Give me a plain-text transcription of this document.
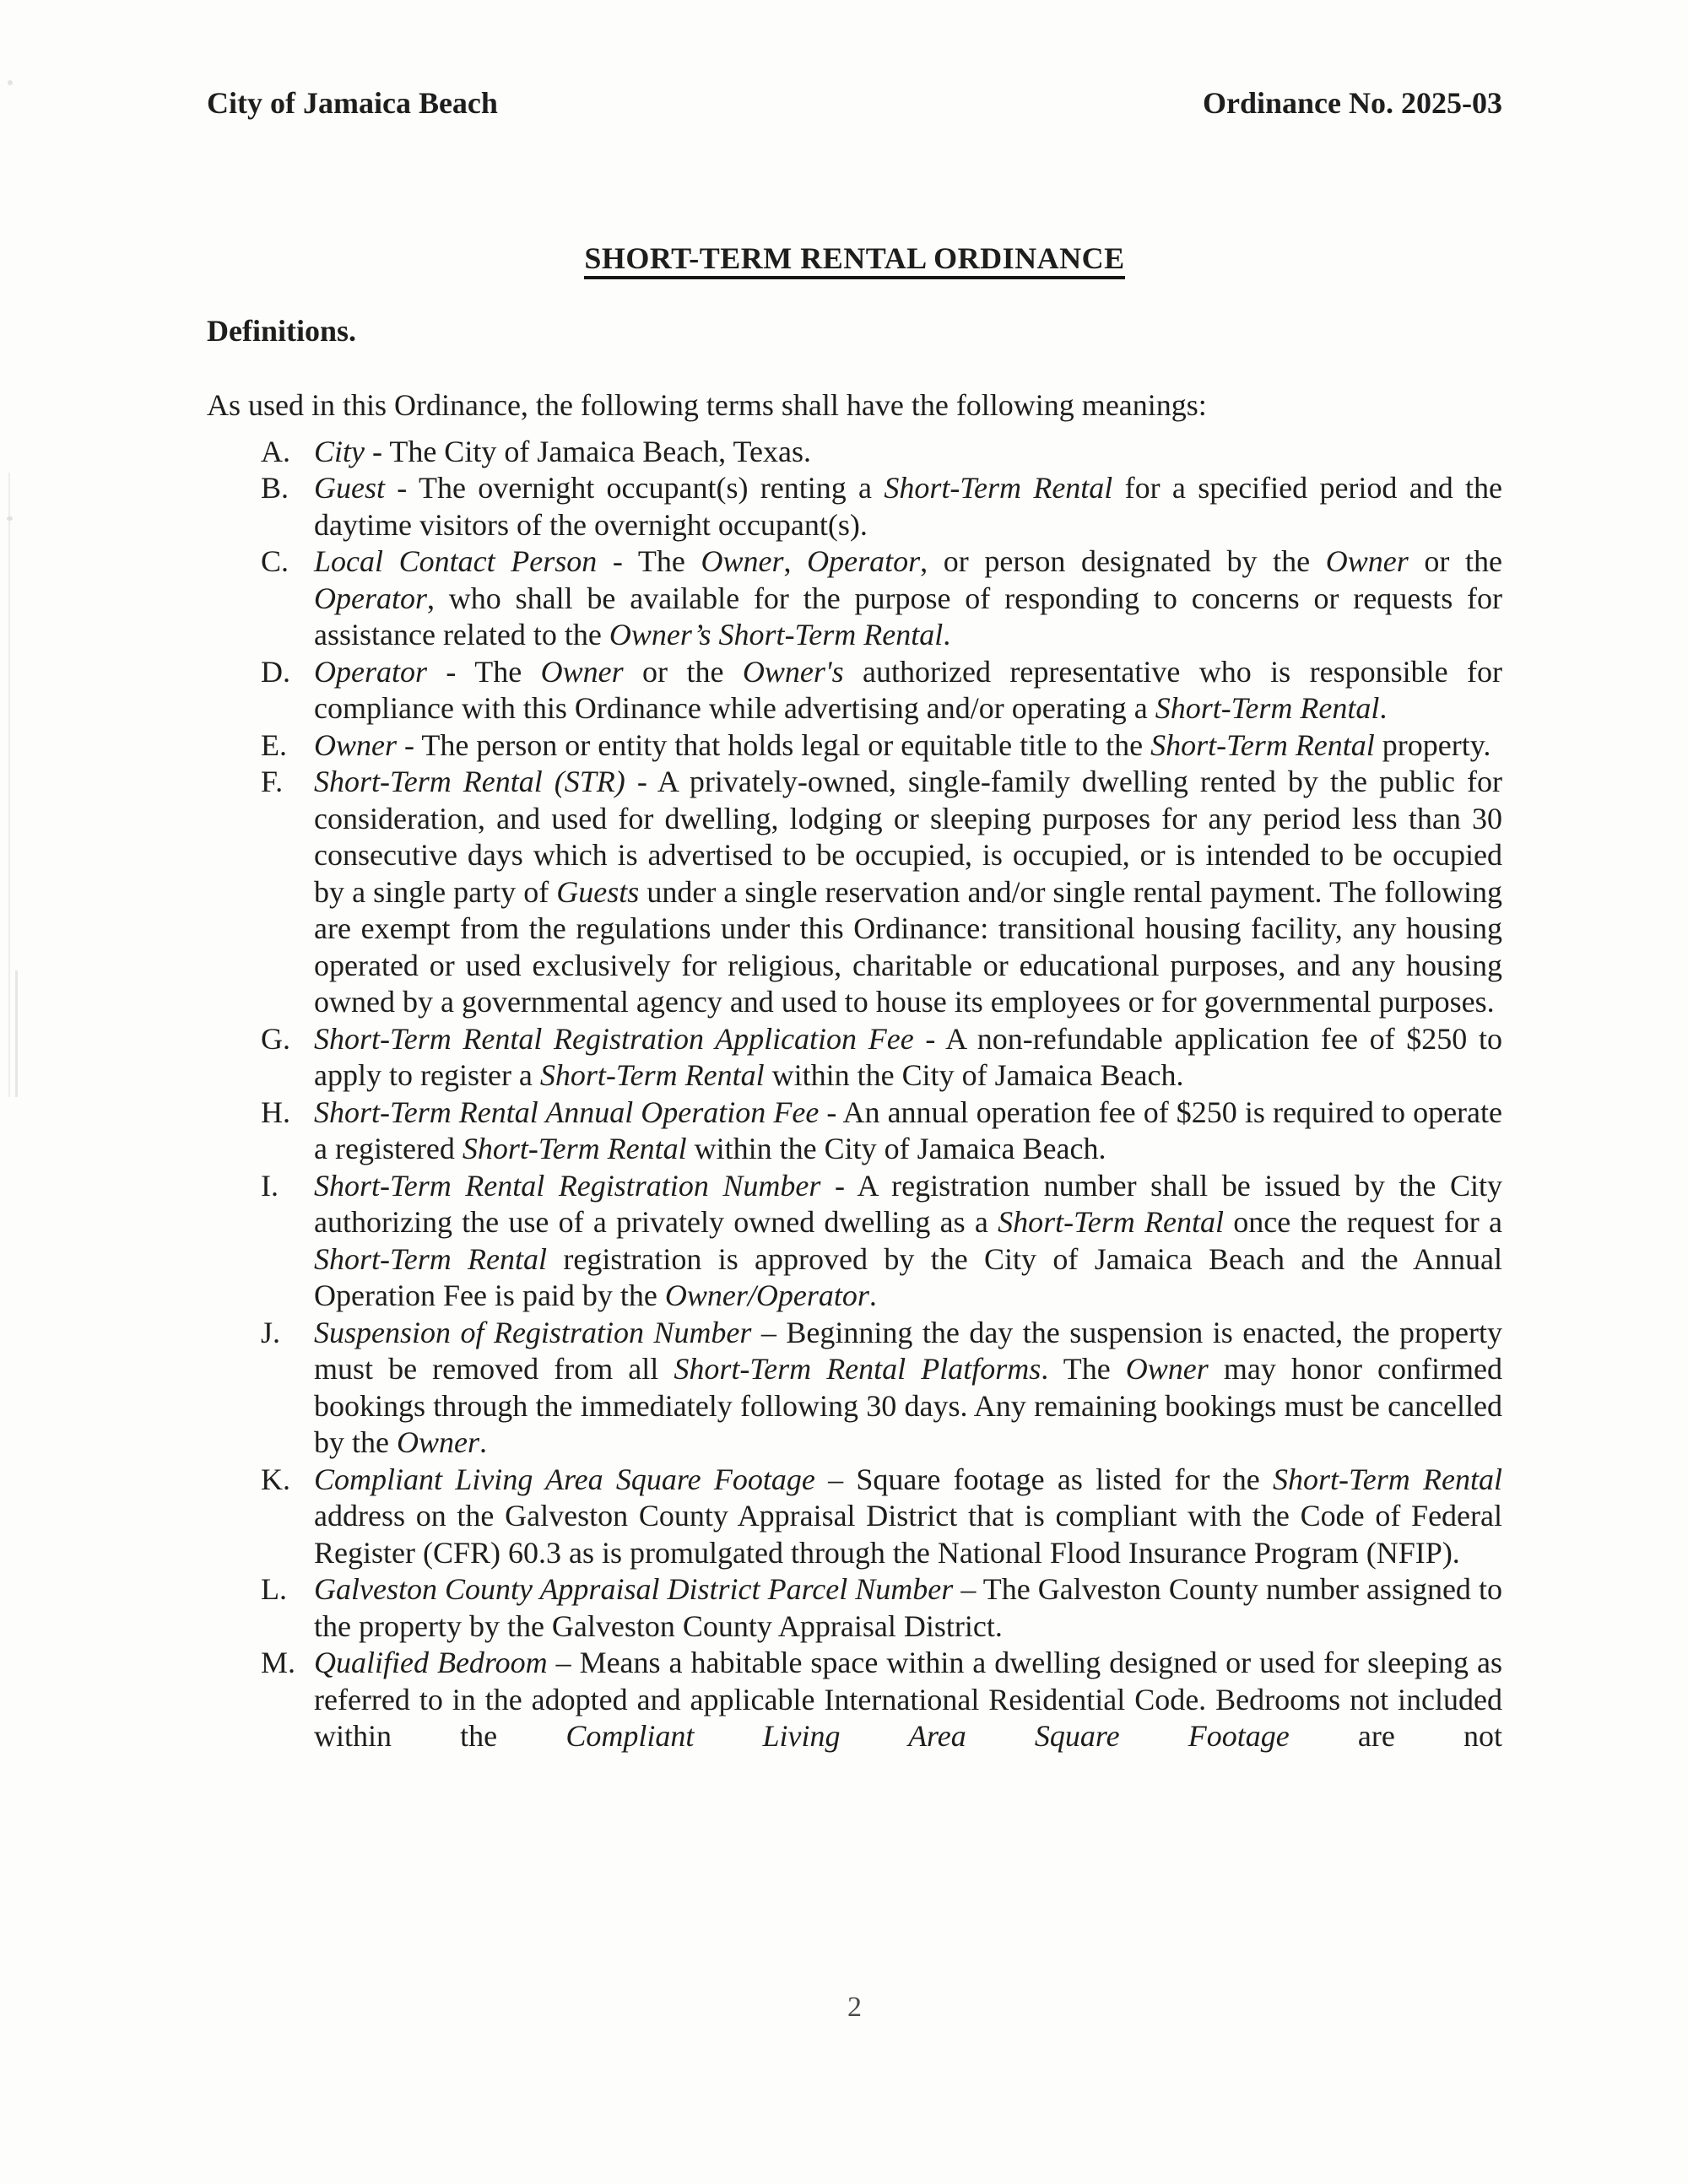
City of Jamaica Beach	Ordinance No. 2025-03
SHORT-TERM RENTAL ORDINANCE
Definitions.
As used in this Ordinance, the following terms shall have the following meanings:
A. City - The City of Jamaica Beach, Texas.
B. Guest - The overnight occupant(s) renting a Short-Term Rental for a specified period and the daytime visitors of the overnight occupant(s).
C. Local Contact Person - The Owner, Operator, or person designated by the Owner or the Operator, who shall be available for the purpose of responding to concerns or requests for assistance related to the Owner’s Short-Term Rental.
D. Operator - The Owner or the Owner's authorized representative who is responsible for compliance with this Ordinance while advertising and/or operating a Short-Term Rental.
E. Owner - The person or entity that holds legal or equitable title to the Short-Term Rental property.
F.	Short-Term Rental (STR) - A privately-owned, single-family dwelling rented by the public for consideration, and used for dwelling, lodging or sleeping purposes for any period less than 30 consecutive days which is advertised to be occupied, is occupied, or is intended to be occupied by a single party of Guests under a single reservation and/or single rental payment. The following are exempt from the regulations under this Ordinance: transitional housing facility, any housing operated or used exclusively for religious, charitable or educational purposes, and any housing owned by a governmental agency and used to house its employees or for governmental purposes.
G. Short-Term Rental Registration Application Fee - A non-refundable application fee of $250 to apply to register a Short-Term Rental within the City of Jamaica Beach.
H. Short-Term Rental Annual Operation Fee - An annual operation fee of $250 is required to operate a registered Short-Term Rental within the City of Jamaica Beach.
I.	Short-Term Rental Registration Number - A registration number shall be issued by the City authorizing the use of a privately owned dwelling as a Short-Term Rental once the request for a Short-Term Rental registration is approved by the City of Jamaica Beach and the Annual Operation Fee is paid by the Owner/Operator.
J.	Suspension of Registration Number – Beginning the day the suspension is enacted, the property must be removed from all Short-Term Rental Platforms. The Owner may honor confirmed bookings through the immediately following 30 days. Any remaining bookings must be cancelled by the Owner.
K. Compliant Living Area Square Footage – Square footage as listed for the Short-Term Rental address on the Galveston County Appraisal District that is compliant with the Code of Federal Register (CFR) 60.3 as is promulgated through the National Flood Insurance Program (NFIP).
L. Galveston County Appraisal District Parcel Number – The Galveston County number assigned to the property by the Galveston County Appraisal District.
M. Qualified Bedroom – Means a habitable space within a dwelling designed or used for sleeping as referred to in the adopted and applicable International Residential Code. Bedrooms not included within the Compliant Living Area Square Footage are not
2
